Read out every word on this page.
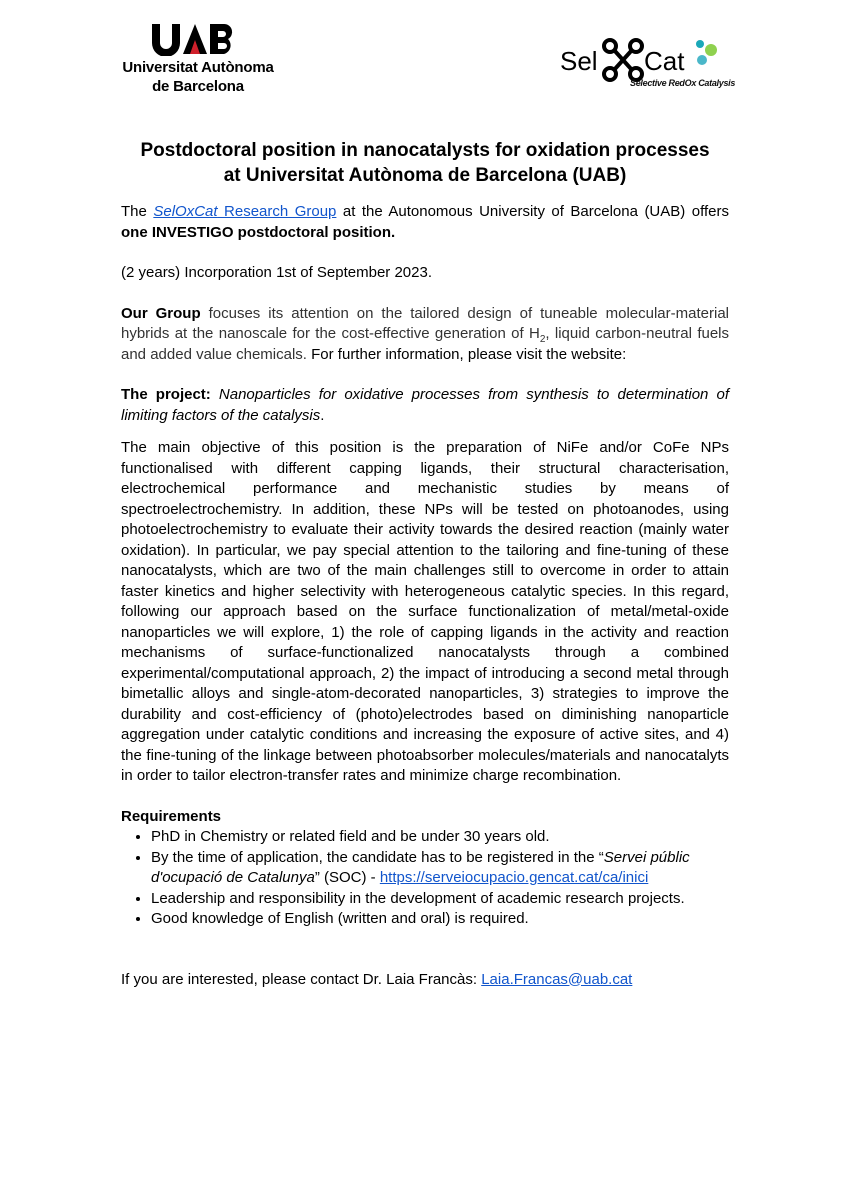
Universitat Autònoma
de Barcelona
Sel Cat
Selective RedOx Catalysis
Postdoctoral position in nanocatalysts for oxidation processes
at Universitat Autònoma de Barcelona (UAB)

The SelOxCat Research Group at the Autonomous University of Barcelona (UAB) offers one INVESTIGO postdoctoral position.

(2 years) Incorporation 1st of September 2023.

Our Group focuses its attention on the tailored design of tuneable molecular-material hybrids at the nanoscale for the cost-effective generation of $H_2$, liquid carbon-neutral fuels and added value chemicals. For further information, please visit the website:

The project: Nanoparticles for oxidative processes from synthesis to determination of limiting factors of the catalysis.

The main objective of this position is the preparation of NiFe and/or CoFe NPs functionalised with different capping ligands, their structural characterisation, electrochemical performance and mechanistic studies by means of spectroelectrochemistry. In addition, these NPs will be tested on photoanodes, using photoelectrochemistry to evaluate their activity towards the desired reaction (mainly water oxidation). In particular, we pay special attention to the tailoring and fine-tuning of these nanocatalysts, which are two of the main challenges still to overcome in order to attain faster kinetics and higher selectivity with heterogeneous catalytic species. In this regard, following our approach based on the surface functionalization of metal/metal-oxide nanoparticles we will explore, 1) the role of capping ligands in the activity and reaction mechanisms of surface-functionalized nanocatalysts through a combined experimental/computational approach, 2) the impact of introducing a second metal through bimetallic alloys and single-atom-decorated nanoparticles, 3) strategies to improve the durability and cost-efficiency of (photo)electrodes based on diminishing nanoparticle aggregation under catalytic conditions and increasing the exposure of active sites, and 4) the fine-tuning of the linkage between photoabsorber molecules/materials and nanocatalyts in order to tailor electron-transfer rates and minimize charge recombination.

Requirements
• PhD in Chemistry or related field and be under 30 years old.
• By the time of application, the candidate has to be registered in the “Servei públic d'ocupació de Catalunya” (SOC) - https://serveiocupacio.gencat.cat/ca/inici
• Leadership and responsibility in the development of academic research projects.
• Good knowledge of English (written and oral) is required.

If you are interested, please contact Dr. Laia Francàs: Laia.Francas@uab.cat
